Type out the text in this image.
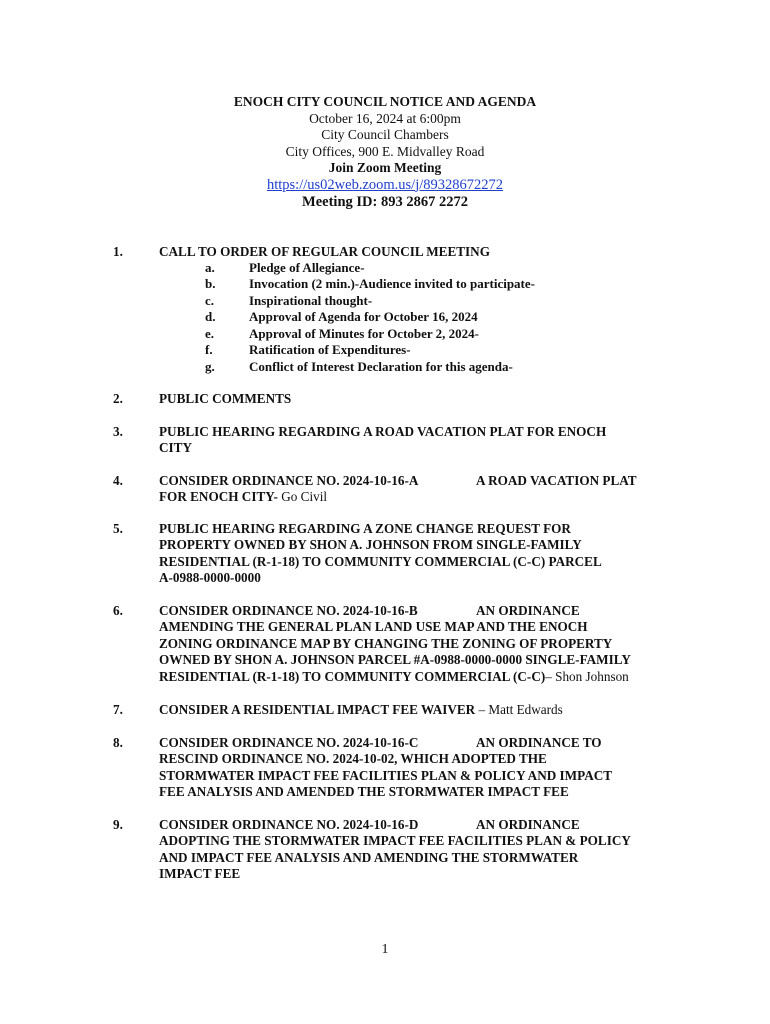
ENOCH CITY COUNCIL NOTICE AND AGENDA
October 16, 2024 at 6:00pm
City Council Chambers
City Offices, 900 E. Midvalley Road
Join Zoom Meeting
https://us02web.zoom.us/j/89328672272
Meeting ID: 893 2867 2272
1.	CALL TO ORDER OF REGULAR COUNCIL MEETING
a.	Pledge of Allegiance-
b.	Invocation (2 min.)-Audience invited to participate-
c.	Inspirational thought-
d.	Approval of Agenda for October 16, 2024
e.	Approval of Minutes for October 2, 2024-
f.	Ratification of Expenditures-
g.	Conflict of Interest Declaration for this agenda-
2.	PUBLIC COMMENTS
3.	PUBLIC HEARING REGARDING A ROAD VACATION PLAT FOR ENOCH
CITY
4.	CONSIDER ORDINANCE NO. 2024-10-16-A	A ROAD VACATION PLAT
FOR ENOCH CITY- Go Civil
5.	PUBLIC HEARING REGARDING A ZONE CHANGE REQUEST FOR
PROPERTY OWNED BY SHON A. JOHNSON FROM SINGLE-FAMILY
RESIDENTIAL (R-1-18) TO COMMUNITY COMMERCIAL (C-C) PARCEL
A-0988-0000-0000
6.	CONSIDER ORDINANCE NO. 2024-10-16-B	AN ORDINANCE
AMENDING THE GENERAL PLAN LAND USE MAP AND THE ENOCH
ZONING ORDINANCE MAP BY CHANGING THE ZONING OF PROPERTY
OWNED BY SHON A. JOHNSON PARCEL #A-0988-0000-0000 SINGLE-FAMILY
RESIDENTIAL (R-1-18) TO COMMUNITY COMMERCIAL (C-C)– Shon Johnson
7.	CONSIDER A RESIDENTIAL IMPACT FEE WAIVER – Matt Edwards
8.	CONSIDER ORDINANCE NO. 2024-10-16-C	AN ORDINANCE TO
RESCIND ORDINANCE NO. 2024-10-02, WHICH ADOPTED THE
STORMWATER IMPACT FEE FACILITIES PLAN & POLICY AND IMPACT
FEE ANALYSIS AND AMENDED THE STORMWATER IMPACT FEE
9.	CONSIDER ORDINANCE NO. 2024-10-16-D	AN ORDINANCE
ADOPTING THE STORMWATER IMPACT FEE FACILITIES PLAN & POLICY
AND IMPACT FEE ANALYSIS AND AMENDING THE STORMWATER
IMPACT FEE
1
